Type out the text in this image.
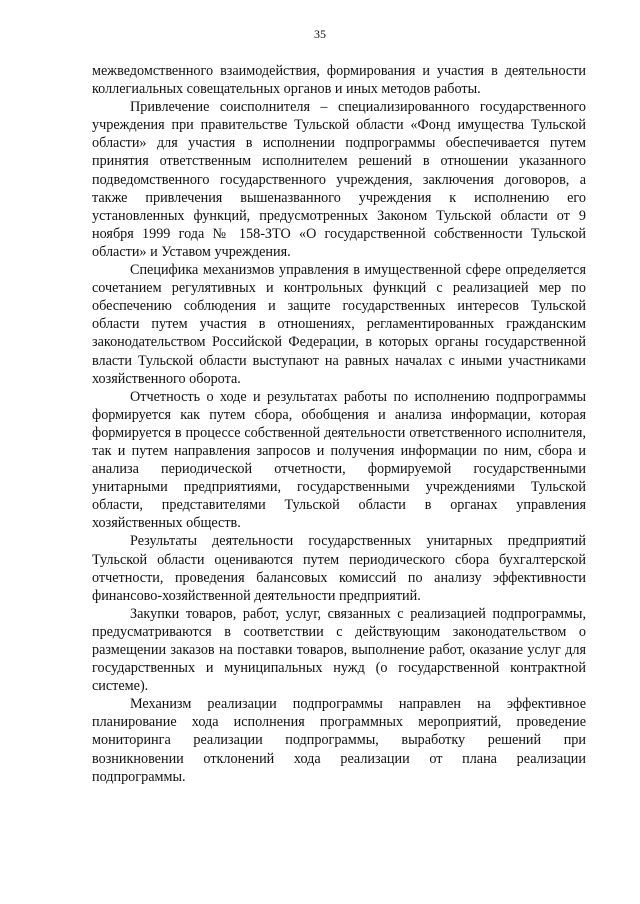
35

межведомственного взаимодействия, формирования и участия в деятельности коллегиальных совещательных органов и иных методов работы.

Привлечение соисполнителя – специализированного государственного учреждения при правительстве Тульской области «Фонд имущества Тульской области» для участия в исполнении подпрограммы обеспечивается путем принятия ответственным исполнителем решений в отношении указанного подведомственного государственного учреждения, заключения договоров, а также привлечения вышеназванного учреждения к исполнению его установленных функций, предусмотренных Законом Тульской области от 9 ноября 1999 года № 158-ЗТО «О государственной собственности Тульской области» и Уставом учреждения.

Специфика механизмов управления в имущественной сфере определяется сочетанием регулятивных и контрольных функций с реализацией мер по обеспечению соблюдения и защите государственных интересов Тульской области путем участия в отношениях, регламентированных гражданским законодательством Российской Федерации, в которых органы государственной власти Тульской области выступают на равных началах с иными участниками хозяйственного оборота.

Отчетность о ходе и результатах работы по исполнению подпрограммы формируется как путем сбора, обобщения и анализа информации, которая формируется в процессе собственной деятельности ответственного исполнителя, так и путем направления запросов и получения информации по ним, сбора и анализа периодической отчетности, формируемой государственными унитарными предприятиями, государственными учреждениями Тульской области, представителями Тульской области в органах управления хозяйственных обществ.

Результаты деятельности государственных унитарных предприятий Тульской области оцениваются путем периодического сбора бухгалтерской отчетности, проведения балансовых комиссий по анализу эффективности финансово-хозяйственной деятельности предприятий.

Закупки товаров, работ, услуг, связанных с реализацией подпрограммы, предусматриваются в соответствии с действующим законодательством о размещении заказов на поставки товаров, выполнение работ, оказание услуг для государственных и муниципальных нужд (о государственной контрактной системе).

Механизм реализации подпрограммы направлен на эффективное планирование хода исполнения программных мероприятий, проведение мониторинга реализации подпрограммы, выработку решений при возникновении отклонений хода реализации от плана реализации подпрограммы.
